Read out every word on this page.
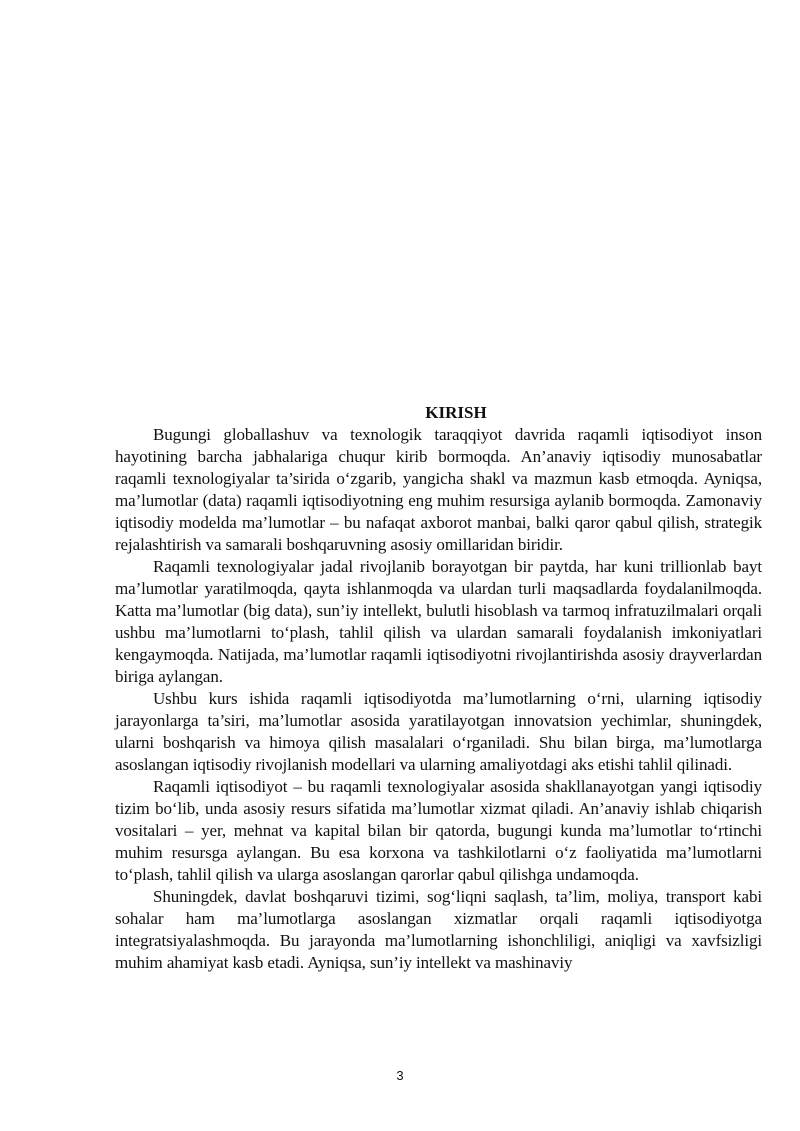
KIRISH

Bugungi globallashuv va texnologik taraqqiyot davrida raqamli iqtisodiyot inson hayotining barcha jabhalariga chuqur kirib bormoqda. An’anaviy iqtisodiy munosabatlar raqamli texnologiyalar ta’sirida o‘zgarib, yangicha shakl va mazmun kasb etmoqda. Ayniqsa, ma’lumotlar (data) raqamli iqtisodiyotning eng muhim resursiga aylanib bormoqda. Zamonaviy iqtisodiy modelda ma’lumotlar – bu nafaqat axborot manbai, balki qaror qabul qilish, strategik rejalashtirish va samarali boshqaruvning asosiy omillaridan biridir.

Raqamli texnologiyalar jadal rivojlanib borayotgan bir paytda, har kuni trillionlab bayt ma’lumotlar yaratilmoqda, qayta ishlanmoqda va ulardan turli maqsadlarda foydalanilmoqda. Katta ma’lumotlar (big data), sun’iy intellekt, bulutli hisoblash va tarmoq infratuzilmalari orqali ushbu ma’lumotlarni to‘plash, tahlil qilish va ulardan samarali foydalanish imkoniyatlari kengaymoqda. Natijada, ma’lumotlar raqamli iqtisodiyotni rivojlantirishda asosiy drayverlardan biriga aylangan.

Ushbu kurs ishida raqamli iqtisodiyotda ma’lumotlarning o‘rni, ularning iqtisodiy jarayonlarga ta’siri, ma’lumotlar asosida yaratilayotgan innovatsion yechimlar, shuningdek, ularni boshqarish va himoya qilish masalalari o‘rganiladi. Shu bilan birga, ma’lumotlarga asoslangan iqtisodiy rivojlanish modellari va ularning amaliyotdagi aks etishi tahlil qilinadi.

Raqamli iqtisodiyot – bu raqamli texnologiyalar asosida shakllanayotgan yangi iqtisodiy tizim bo‘lib, unda asosiy resurs sifatida ma’lumotlar xizmat qiladi. An’anaviy ishlab chiqarish vositalari – yer, mehnat va kapital bilan bir qatorda, bugungi kunda ma’lumotlar to‘rtinchi muhim resursga aylangan. Bu esa korxona va tashkilotlarni o‘z faoliyatida ma’lumotlarni to‘plash, tahlil qilish va ularga asoslangan qarorlar qabul qilishga undamoqda.

Shuningdek, davlat boshqaruvi tizimi, sog‘liqni saqlash, ta’lim, moliya, transport kabi sohalar ham ma’lumotlarga asoslangan xizmatlar orqali raqamli iqtisodiyotga integratsiyalashmoqda. Bu jarayonda ma’lumotlarning ishonchliligi, aniqligi va xavfsizligi muhim ahamiyat kasb etadi. Ayniqsa, sun’iy intellekt va mashinaviy

3
